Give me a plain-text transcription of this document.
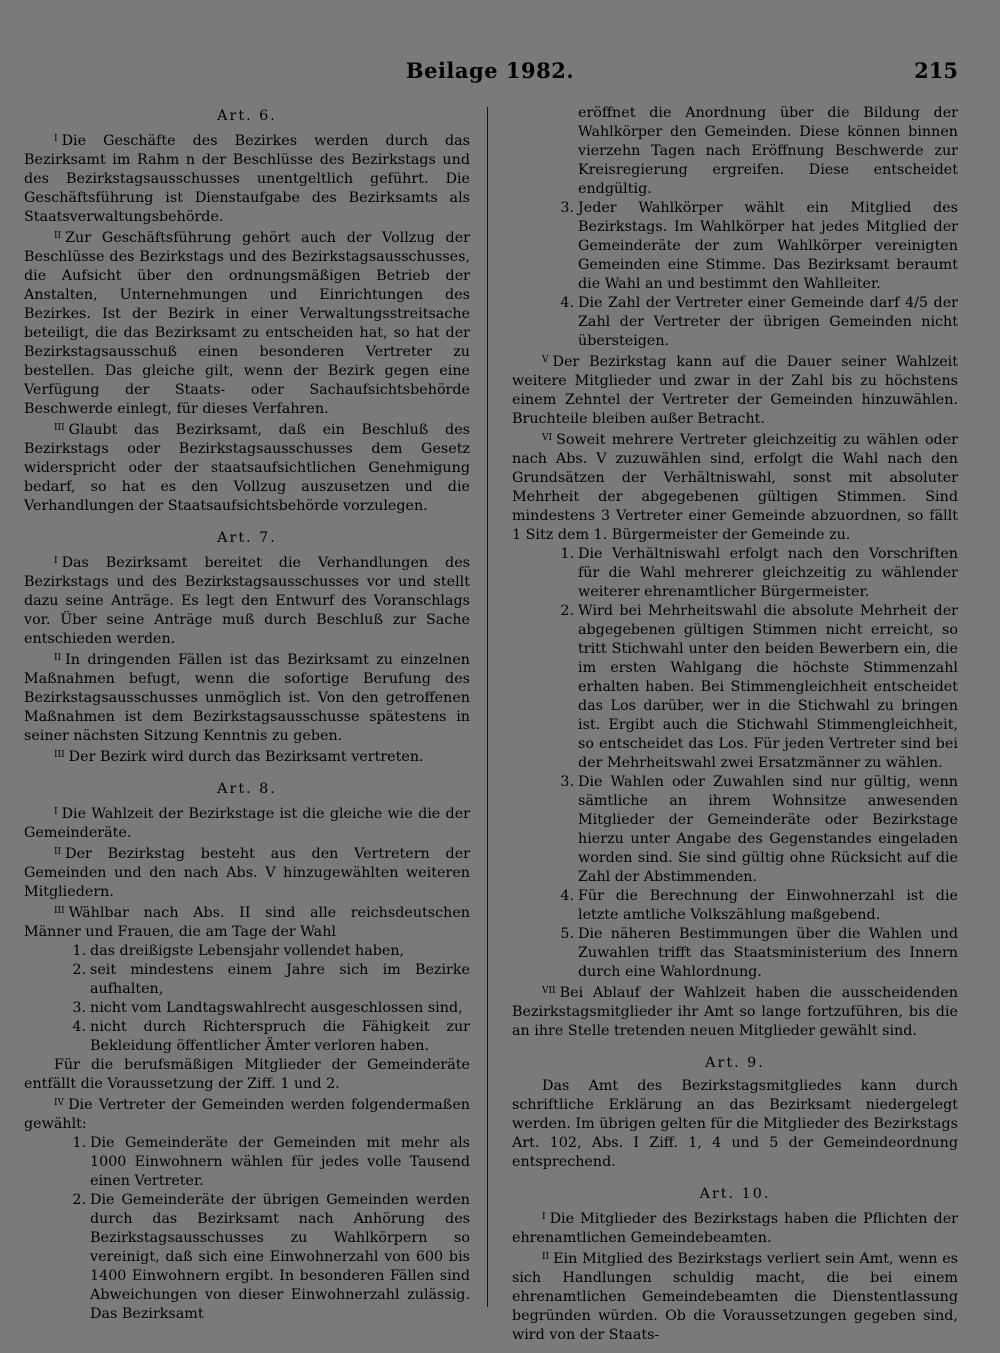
Beilage 1982.	215
Art. 6.

$^I$ Die Geschäfte des Bezirkes werden durch das Bezirksamt im Rahm n der Beschlüsse des Bezirkstags und des Bezirkstagsausschusses unentgeltlich geführt. Die Geschäftsführung ist Dienstaufgabe des Bezirksamts als Staatsverwaltungsbehörde.

$^{II}$ Zur Geschäftsführung gehört auch der Vollzug der Beschlüsse des Bezirkstags und des Bezirkstagsausschusses, die Aufsicht über den ordnungsmäßigen Betrieb der Anstalten, Unternehmungen und Einrichtungen des Bezirkes. Ist der Bezirk in einer Verwaltungsstreitsache beteiligt, die das Bezirksamt zu entscheiden hat, so hat der Bezirkstagsausschuß einen besonderen Vertreter zu bestellen. Das gleiche gilt, wenn der Bezirk gegen eine Verfügung der Staats- oder Sachaufsichtsbehörde Beschwerde einlegt, für dieses Verfahren.

$^{III}$ Glaubt das Bezirksamt, daß ein Beschluß des Bezirkstags oder Bezirkstagsausschusses dem Gesetz widerspricht oder der staatsaufsichtlichen Genehmigung bedarf, so hat es den Vollzug auszusetzen und die Verhandlungen der Staatsaufsichtsbehörde vorzulegen.

Art. 7.

$^I$ Das Bezirksamt bereitet die Verhandlungen des Bezirkstags und des Bezirkstagsausschusses vor und stellt dazu seine Anträge. Es legt den Entwurf des Voranschlags vor. Über seine Anträge muß durch Beschluß zur Sache entschieden werden.

$^{II}$ In dringenden Fällen ist das Bezirksamt zu einzelnen Maßnahmen befugt, wenn die sofortige Berufung des Bezirkstagsausschusses unmöglich ist. Von den getroffenen Maßnahmen ist dem Bezirkstagsausschusse spätestens in seiner nächsten Sitzung Kenntnis zu geben.

$^{III}$ Der Bezirk wird durch das Bezirksamt vertreten.

Art. 8.

$^I$ Die Wahlzeit der Bezirkstage ist die gleiche wie die der Gemeinderäte.

$^{II}$ Der Bezirkstag besteht aus den Vertretern der Gemeinden und den nach Abs. V hinzugewählten weiteren Mitgliedern.

$^{III}$ Wählbar nach Abs. II sind alle reichsdeutschen Männer und Frauen, die am Tage der Wahl

1. das dreißigste Lebensjahr vollendet haben,
2. seit mindestens einem Jahre sich im Bezirke aufhalten,
3. nicht vom Landtagswahlrecht ausgeschlossen sind,
4. nicht durch Richterspruch die Fähigkeit zur Bekleidung öffentlicher Ämter verloren haben.

Für die berufsmäßigen Mitglieder der Gemeinderäte entfällt die Voraussetzung der Ziff. 1 und 2.

$^{IV}$ Die Vertreter der Gemeinden werden folgendermaßen gewählt:

1. Die Gemeinderäte der Gemeinden mit mehr als 1000 Einwohnern wählen für jedes volle Tausend einen Vertreter.
2. Die Gemeinderäte der übrigen Gemeinden werden durch das Bezirksamt nach Anhörung des Bezirkstagsausschusses zu Wahlkörpern so vereinigt, daß sich eine Einwohnerzahl von 600 bis 1400 Einwohnern ergibt. In besonderen Fällen sind Abweichungen von dieser Einwohnerzahl zulässig. Das Bezirksamt

eröffnet die Anordnung über die Bildung der Wahlkörper den Gemeinden. Diese können binnen vierzehn Tagen nach Eröffnung Beschwerde zur Kreisregierung ergreifen. Diese entscheidet endgültig.

3. Jeder Wahlkörper wählt ein Mitglied des Bezirkstags. Im Wahlkörper hat jedes Mitglied der Gemeinderäte der zum Wahlkörper vereinigten Gemeinden eine Stimme. Das Bezirksamt beraumt die Wahl an und bestimmt den Wahlleiter.
4. Die Zahl der Vertreter einer Gemeinde darf 4/5 der Zahl der Vertreter der übrigen Gemeinden nicht übersteigen.

$^V$ Der Bezirkstag kann auf die Dauer seiner Wahlzeit weitere Mitglieder und zwar in der Zahl bis zu höchstens einem Zehntel der Vertreter der Gemeinden hinzuwählen. Bruchteile bleiben außer Betracht.

$^{VI}$ Soweit mehrere Vertreter gleichzeitig zu wählen oder nach Abs. V zuzuwählen sind, erfolgt die Wahl nach den Grundsätzen der Verhältniswahl, sonst mit absoluter Mehrheit der abgegebenen gültigen Stimmen. Sind mindestens 3 Vertreter einer Gemeinde abzuordnen, so fällt 1 Sitz dem 1. Bürgermeister der Gemeinde zu.

1. Die Verhältniswahl erfolgt nach den Vorschriften für die Wahl mehrerer gleichzeitig zu wählender weiterer ehrenamtlicher Bürgermeister.
2. Wird bei Mehrheitswahl die absolute Mehrheit der abgegebenen gültigen Stimmen nicht erreicht, so tritt Stichwahl unter den beiden Bewerbern ein, die im ersten Wahlgang die höchste Stimmenzahl erhalten haben. Bei Stimmengleichheit entscheidet das Los darüber, wer in die Stichwahl zu bringen ist. Ergibt auch die Stichwahl Stimmengleichheit, so entscheidet das Los. Für jeden Vertreter sind bei der Mehrheitswahl zwei Ersatzmänner zu wählen.
3. Die Wahlen oder Zuwahlen sind nur gültig, wenn sämtliche an ihrem Wohnsitze anwesenden Mitglieder der Gemeinderäte oder Bezirkstage hierzu unter Angabe des Gegenstandes eingeladen worden sind. Sie sind gültig ohne Rücksicht auf die Zahl der Abstimmenden.
4. Für die Berechnung der Einwohnerzahl ist die letzte amtliche Volkszählung maßgebend.
5. Die näheren Bestimmungen über die Wahlen und Zuwahlen trifft das Staatsministerium des Innern durch eine Wahlordnung.

$^{VII}$ Bei Ablauf der Wahlzeit haben die ausscheidenden Bezirkstagsmitglieder ihr Amt so lange fortzuführen, bis die an ihre Stelle tretenden neuen Mitglieder gewählt sind.

Art. 9.

Das Amt des Bezirkstagsmitgliedes kann durch schriftliche Erklärung an das Bezirksamt niedergelegt werden. Im übrigen gelten für die Mitglieder des Bezirkstags Art. 102, Abs. I Ziff. 1, 4 und 5 der Gemeindeordnung entsprechend.

Art. 10.

$^I$ Die Mitglieder des Bezirkstags haben die Pflichten der ehrenamtlichen Gemeindebeamten.

$^{II}$ Ein Mitglied des Bezirkstags verliert sein Amt, wenn es sich Handlungen schuldig macht, die bei einem ehrenamtlichen Gemeindebeamten die Dienstentlassung begründen würden. Ob die Voraussetzungen gegeben sind, wird von der Staats-
